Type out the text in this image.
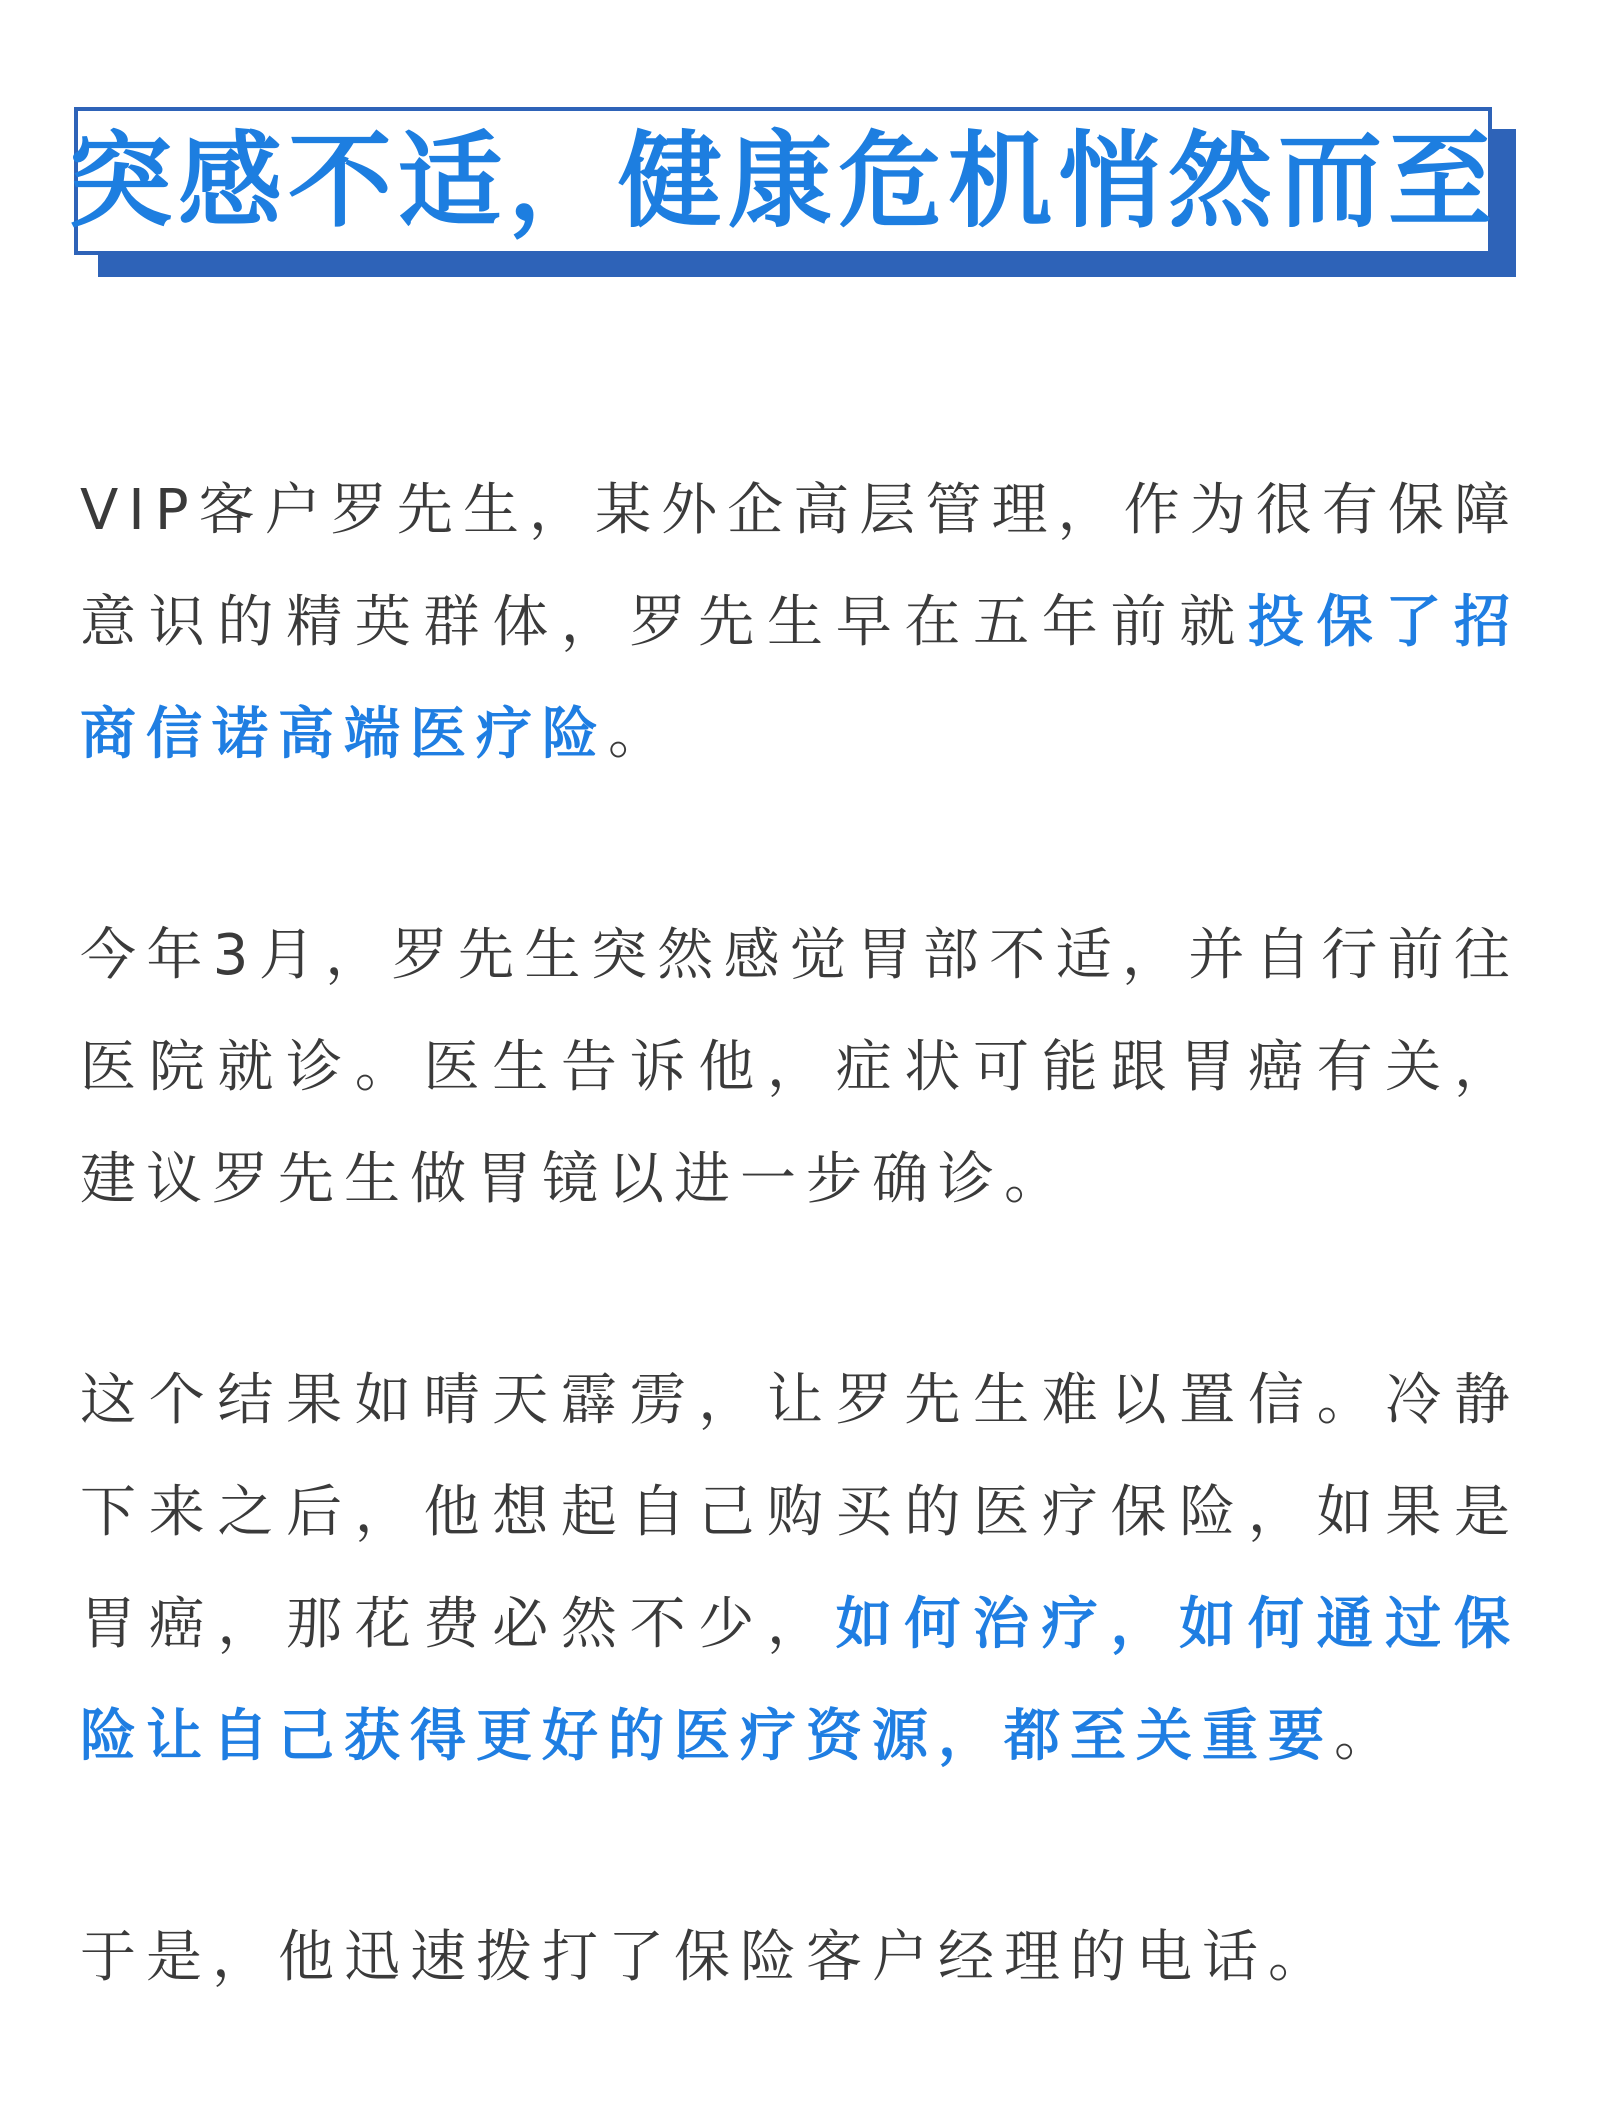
突感不适，健康危机悄然而至

VIP客户罗先生，某外企高层管理，作为很有保障意识的精英群体，罗先生早在五年前就投保了招商信诺高端医疗险。

今年3月，罗先生突然感觉胃部不适，并自行前往医院就诊。医生告诉他，症状可能跟胃癌有关，建议罗先生做胃镜以进一步确诊。

这个结果如晴天霹雳，让罗先生难以置信。冷静下来之后，他想起自己购买的医疗保险，如果是胃癌，那花费必然不少，如何治疗，如何通过保险让自己获得更好的医疗资源，都至关重要。

于是，他迅速拨打了保险客户经理的电话。
